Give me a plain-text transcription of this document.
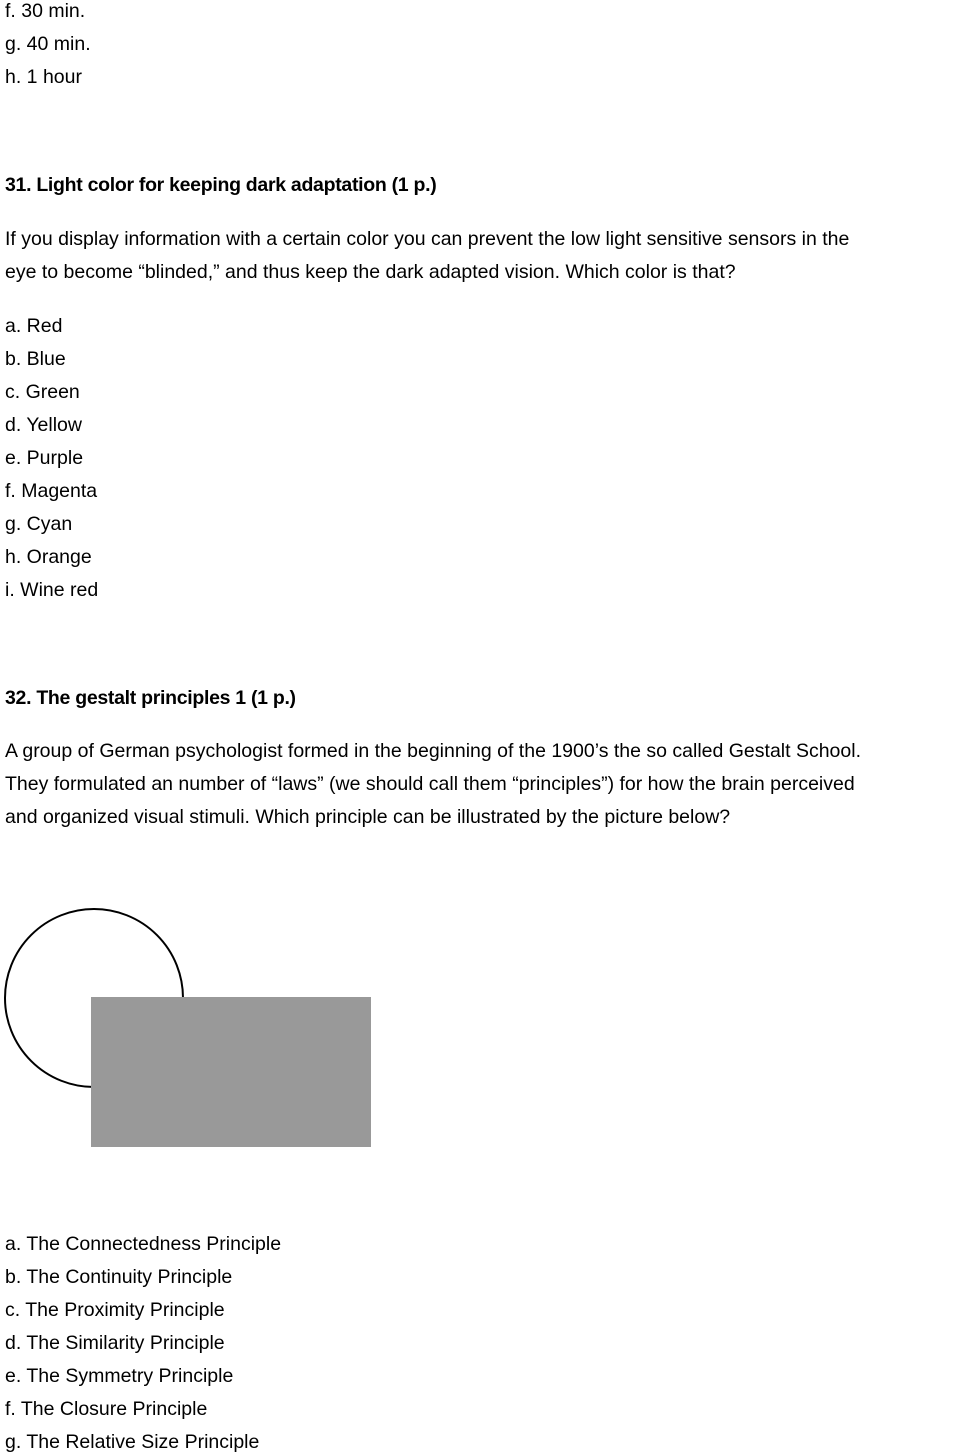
f. 30 min.
g. 40 min.
h. 1 hour
31. Light color for keeping dark adaptation (1 p.)
If you display information with a certain color you can prevent the low light sensitive sensors in the
eye to become “blinded,” and thus keep the dark adapted vision. Which color is that?
a. Red
b. Blue
c. Green
d. Yellow
e. Purple
f. Magenta
g. Cyan
h. Orange
i. Wine red
32. The gestalt principles 1 (1 p.)
A group of German psychologist formed in the beginning of the 1900’s the so called Gestalt School.
They formulated an number of “laws” (we should call them “principles”) for how the brain perceived
and organized visual stimuli. Which principle can be illustrated by the picture below?
a. The Connectedness Principle
b. The Continuity Principle
c. The Proximity Principle
d. The Similarity Principle
e. The Symmetry Principle
f. The Closure Principle
g. The Relative Size Principle
